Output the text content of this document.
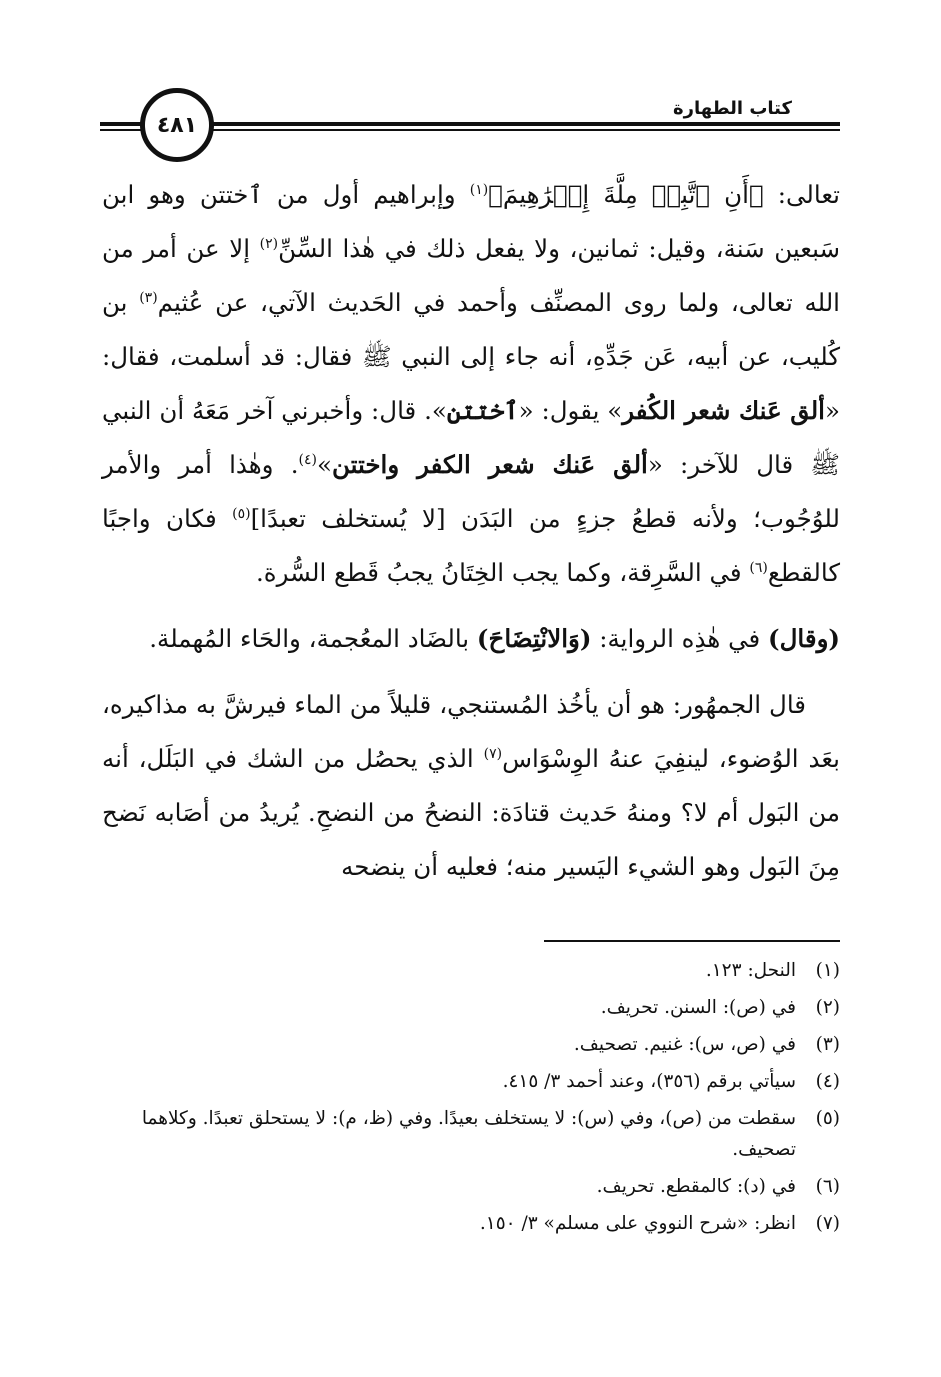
كتاب الطهارة
٤٨١

تعالى: ﴿أَنِ ٱتَّبِعۡ مِلَّةَ إِبۡرَٰهِيمَ﴾$^{(١)}$ وإبراهيم أول من ٱختتن وهو ابن سَبعين سَنة، وقيل: ثمانين، ولا يفعل ذلك في هٰذا السِّنِّ$^{(٢)}$ إلا عن أمر من الله تعالى، ولما روى المصنِّف وأحمد في الحَديث الآتي، عن عُثيم$^{(٣)}$ بن كُليب، عن أبيه، عَن جَدِّهِ، أنه جاء إلى النبي ﷺ فقال: قد أسلمت، فقال: «ألق عَنك شعر الكُفر» يقول: «ٱختتن». قال: وأخبرني آخر مَعَهُ أن النبي ﷺ قال للآخر: «ألق عَنك شعر الكفر واختتن»$^{(٤)}$. وهٰذا أمر والأمر للوُجُوب؛ ولأنه قطعُ جزءٍ من البَدَن [لا يُستخلف تعبدًا]$^{(٥)}$ فكان واجبًا كالقطع$^{(٦)}$ في السَّرِقة، وكما يجب الخِتَانُ يجبُ قَطع السُّرة.

(وقال) في هٰذِه الرواية: (وَالانْتِضَاحَ) بالضَاد المعُجمة، والحَاء المُهملة.

قال الجمهُور: هو أن يأخُذ المُستنجي، قليلاً من الماء فيرشَّ به مذاكيره، بعَد الوُضوء، لينفِيَ عنهُ الوِسْوَاس$^{(٧)}$ الذي يحصُل من الشك في البَلَل، أنه من البَول أم لا؟ ومنهُ حَديث قتادَة: النضحُ من النضحِ. يُريدُ من أصَابه نَضح مِنَ البَول وهو الشيء اليَسير منه؛ فعليه أن ينضحه

(١)
النحل: ١٢٣.
(٢)
في (ص): السنن. تحريف.
(٣)
في (ص، س): غنيم. تصحيف.
(٤)
سيأتي برقم (٣٥٦)، وعند أحمد ٣/ ٤١٥.
(٥)
سقطت من (ص)، وفي (س): لا يستخلف بعيدًا. وفي (ظ، م): لا يستحلق تعبدًا. وكلاهما تصحيف.
(٦)
في (د): كالمقطع. تحريف.
(٧)
انظر: «شرح النووي على مسلم» ٣/ ١٥٠.
